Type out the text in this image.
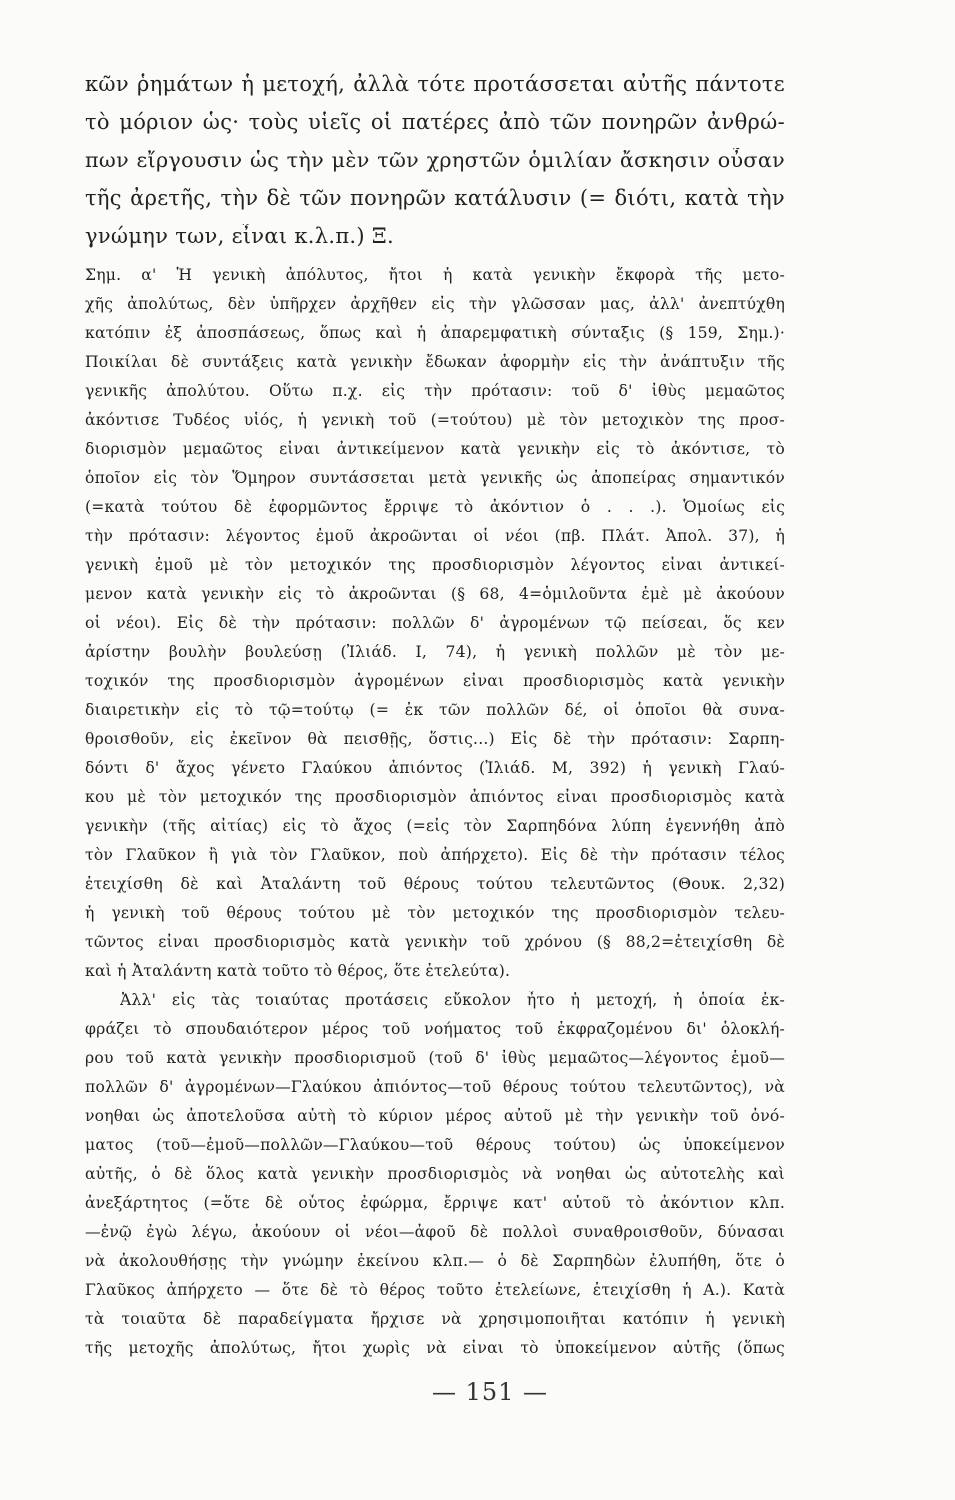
κῶν ῥημάτων ἡ μετοχή, ἀλλὰ τότε προτάσσεται αὐτῆς πάντοτε
τὸ μόριον ὡς· τοὺς υἱεῖς οἱ πατέρες ἀπὸ τῶν πονηρῶν ἀνθρώ-
πων εἴργουσιν ὡς τὴν μὲν τῶν χρηστῶν ὁμιλίαν ἄσκησιν οὖσαν
τῆς ἀρετῆς, τὴν δὲ τῶν πονηρῶν κατάλυσιν (= διότι, κατὰ τὴν
γνώμην των, εἶναι κ.λ.π.) Ξ.
Σημ. α' Ἡ γενικὴ ἀπόλυτος, ἤτοι ἡ κατὰ γενικὴν ἔκφορὰ τῆς μετο-
χῆς ἀπολύτως, δὲν ὑπῆρχεν ἀρχῆθεν εἰς τὴν γλῶσσαν μας, ἀλλ' ἀνεπτύχθη
κατόπιν ἐξ ἀποσπάσεως, ὅπως καὶ ἡ ἀπαρεμφατικὴ σύνταξις (§ 159, Σημ.)·
Ποικίλαι δὲ συντάξεις κατὰ γενικὴν ἔδωκαν ἀφορμὴν εἰς τὴν ἀνάπτυξιν τῆς
γενικῆς ἀπολύτου. Οὕτω π.χ. εἰς τὴν πρότασιν: τοῦ δ' ἰθὺς μεμαῶτος
ἀκόντισε Τυδέος υἱός, ἡ γενικὴ τοῦ (=τούτου) μὲ τὸν μετοχικὸν της προσ-
διορισμὸν μεμαῶτος εἶναι ἀντικείμενον κατὰ γενικὴν εἰς τὸ ἀκόντισε, τὸ
ὁποῖον εἰς τὸν Ὅμηρον συντάσσεται μετὰ γενικῆς ὡς ἀποπείρας σημαντικόν
(=κατὰ τούτου δὲ ἐφορμῶντος ἔρριψε τὸ ἀκόντιον ὁ . . .). Ὁμοίως εἰς
τὴν πρότασιν: λέγοντος ἐμοῦ ἀκροῶνται οἱ νέοι (πβ. Πλάτ. Ἀπολ. 37), ἡ
γενικὴ ἐμοῦ μὲ τὸν μετοχικόν της προσδιορισμὸν λέγοντος εἶναι ἀντικεί-
μενον κατὰ γενικὴν εἰς τὸ ἀκροῶνται (§ 68, 4=ὁμιλοῦντα ἐμὲ μὲ ἀκούουν
οἱ νέοι). Εἰς δὲ τὴν πρότασιν: πολλῶν δ' ἀγρομένων τῷ πείσεαι, ὅς κεν
ἀρίστην βουλὴν βουλεύσῃ (Ἰλιάδ. Ι, 74), ἡ γενικὴ πολλῶν μὲ τὸν με-
τοχικόν της προσδιορισμὸν ἀγρομένων εἶναι προσδιορισμὸς κατὰ γενικὴν
διαιρετικὴν εἰς τὸ τῷ=τούτῳ (= ἐκ τῶν πολλῶν δέ, οἱ ὁποῖοι θὰ συνα-
θροισθοῦν, εἰς ἐκεῖνον θὰ πεισθῇς, ὅστις...) Εἰς δὲ τὴν πρότασιν: Σαρπη-
δόντι δ' ἄχος γένετο Γλαύκου ἀπιόντος (Ἰλιάδ. Μ, 392) ἡ γενικὴ Γλαύ-
κου μὲ τὸν μετοχικόν της προσδιορισμὸν ἀπιόντος εἶναι προσδιορισμὸς κατὰ
γενικὴν (τῆς αἰτίας) εἰς τὸ ἄχος (=εἰς τὸν Σαρπηδόνα λύπη ἐγεννήθη ἀπὸ
τὸν Γλαῦκον ἢ γιὰ τὸν Γλαῦκον, ποὺ ἀπήρχετο). Εἰς δὲ τὴν πρότασιν τέλος
ἐτειχίσθη δὲ καὶ Ἀταλάντη τοῦ θέρους τούτου τελευτῶντος (Θουκ. 2,32)
ἡ γενικὴ τοῦ θέρους τούτου μὲ τὸν μετοχικόν της προσδιορισμὸν τελευ-
τῶντος εἶναι προσδιορισμὸς κατὰ γενικὴν τοῦ χρόνου (§ 88,2=ἐτειχίσθη δὲ
καὶ ἡ Ἀταλάντη κατὰ τοῦτο τὸ θέρος, ὅτε ἐτελεύτα).
Ἀλλ' εἰς τὰς τοιαύτας προτάσεις εὔκολον ἦτο ἡ μετοχή, ἡ ὁποία ἐκ-
φράζει τὸ σπουδαιότερον μέρος τοῦ νοήματος τοῦ ἐκφραζομένου δι' ὁλοκλή-
ρου τοῦ κατὰ γενικὴν προσδιορισμοῦ (τοῦ δ' ἰθὺς μεμαῶτος—λέγοντος ἐμοῦ—
πολλῶν δ' ἀγρομένων—Γλαύκου ἀπιόντος—τοῦ θέρους τούτου τελευτῶντος), νὰ
νοηθαι ὡς ἀποτελοῦσα αὐτὴ τὸ κύριον μέρος αὐτοῦ μὲ τὴν γενικὴν τοῦ ὀνό-
ματος (τοῦ—ἐμοῦ—πολλῶν—Γλαύκου—τοῦ θέρους τούτου) ὡς ὑποκείμενον
αὐτῆς, ὁ δὲ ὅλος κατὰ γενικὴν προσδιορισμὸς νὰ νοηθαι ὡς αὐτοτελὴς καὶ
ἀνεξάρτητος (=ὅτε δὲ οὗτος ἐφώρμα, ἔρριψε κατ' αὐτοῦ τὸ ἀκόντιον κλπ.
—ἐνῷ ἐγὼ λέγω, ἀκούουν οἱ νέοι—ἀφοῦ δὲ πολλοὶ συναθροισθοῦν, δύνασαι
νὰ ἀκολουθήσῃς τὴν γνώμην ἐκείνου κλπ.— ὁ δὲ Σαρπηδὼν ἐλυπήθη, ὅτε ὁ
Γλαῦκος ἀπήρχετο — ὅτε δὲ τὸ θέρος τοῦτο ἐτελείωνε, ἐτειχίσθη ἡ Α.). Κατὰ
τὰ τοιαῦτα δὲ παραδείγματα ἤρχισε νὰ χρησιμοποιῆται κατόπιν ἡ γενικὴ
τῆς μετοχῆς ἀπολύτως, ἤτοι χωρὶς νὰ εἶναι τὸ ὑποκείμενον αὐτῆς (ὅπως
— 151 —
